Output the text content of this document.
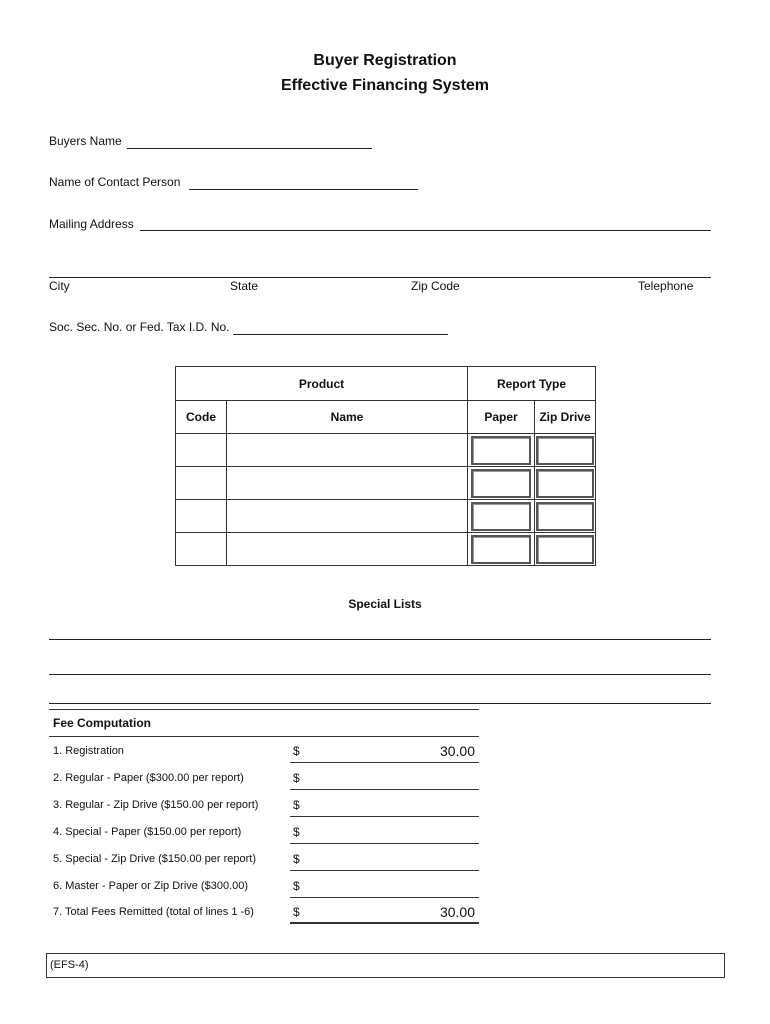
Buyer Registration
Effective Financing System
Buyers Name
Name of Contact Person
Mailing Address
City	State	Zip Code	Telephone
Soc. Sec. No. or Fed. Tax I.D. No.
Product		Report Type	
Code	Name	Paper	Zip Drive

Special Lists
Fee Computation
1. Registration	$	30.00
2. Regular - Paper ($300.00 per report)	$
3. Regular - Zip Drive ($150.00 per report)	$
4. Special - Paper ($150.00 per report)	$
5. Special - Zip Drive ($150.00 per report)	$
6. Master - Paper or Zip Drive ($300.00)	$
7. Total Fees Remitted (total of lines 1 -6)	$	30.00
(EFS-4)
